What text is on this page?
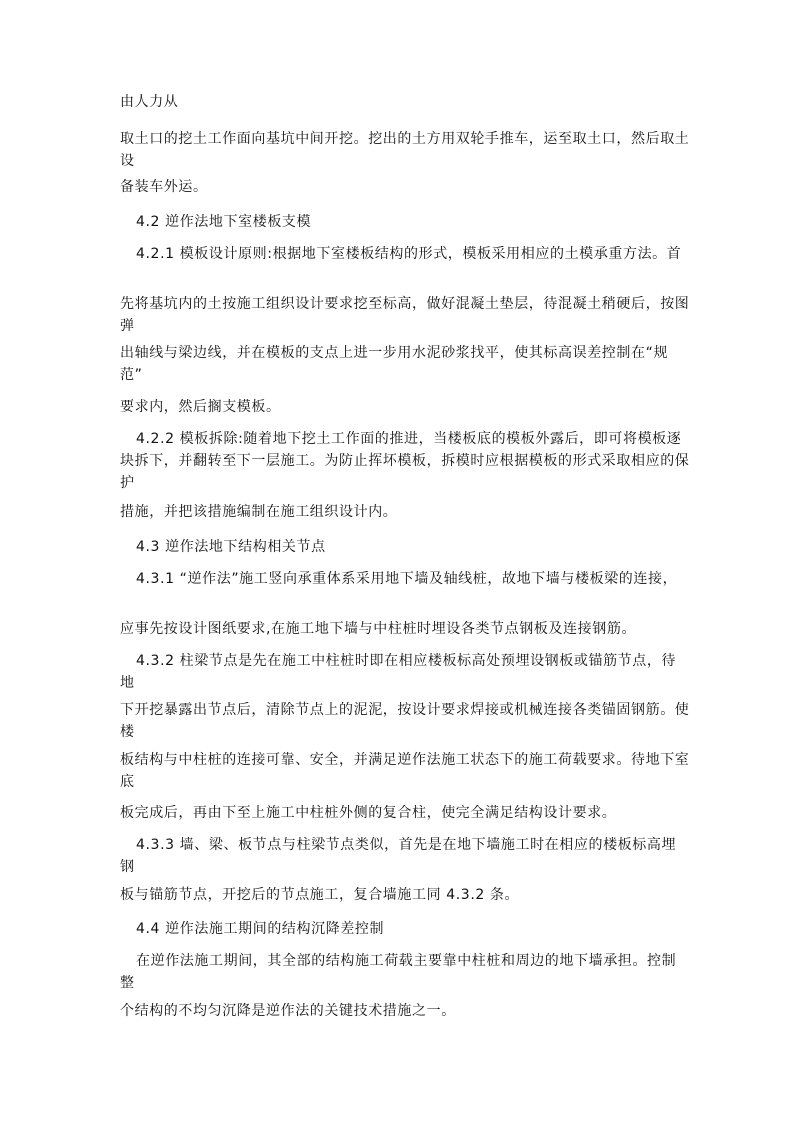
由人力从
取土口的挖土工作面向基坑中间开挖。挖出的土方用双轮手推车，运至取土口，然后取土设
备装车外运。
4.2 逆作法地下室楼板支模
4.2.1 模板设计原则:根据地下室楼板结构的形式，模板采用相应的土模承重方法。首
先将基坑内的土按施工组织设计要求挖至标高，做好混凝土垫层，待混凝土稍硬后，按图弹
出轴线与梁边线，并在模板的支点上进一步用水泥砂浆找平，使其标高误差控制在“规范”
要求内，然后搁支模板。
4.2.2 模板拆除:随着地下挖土工作面的推进，当楼板底的模板外露后，即可将模板逐块拆下，并翻转至下一层施工。为防止挥坏模板，拆模时应根据模板的形式采取相应的保护
措施，并把该措施编制在施工组织设计内。
4.3 逆作法地下结构相关节点
4.3.1 “逆作法”施工竖向承重体系采用地下墙及轴线桩，故地下墙与楼板梁的连接，
应事先按设计图纸要求,在施工地下墙与中柱桩时埋设各类节点钢板及连接钢筋。
4.3.2 柱梁节点是先在施工中柱桩时即在相应楼板标高处预埋设钢板或锚筋节点，待地
下开挖暴露出节点后，清除节点上的泥泥，按设计要求焊接或机械连接各类锚固钢筋。使楼
板结构与中柱桩的连接可靠、安全，并满足逆作法施工状态下的施工荷载要求。待地下室底
板完成后，再由下至上施工中柱桩外侧的复合柱，使完全满足结构设计要求。
4.3.3 墙、梁、板节点与柱梁节点类似，首先是在地下墙施工时在相应的楼板标高埋钢
板与锚筋节点，开挖后的节点施工，复合墙施工同 4.3.2 条。
4.4 逆作法施工期间的结构沉降差控制
在逆作法施工期间，其全部的结构施工荷载主要靠中柱桩和周边的地下墙承担。控制整
个结构的不均匀沉降是逆作法的关键技术措施之一。
